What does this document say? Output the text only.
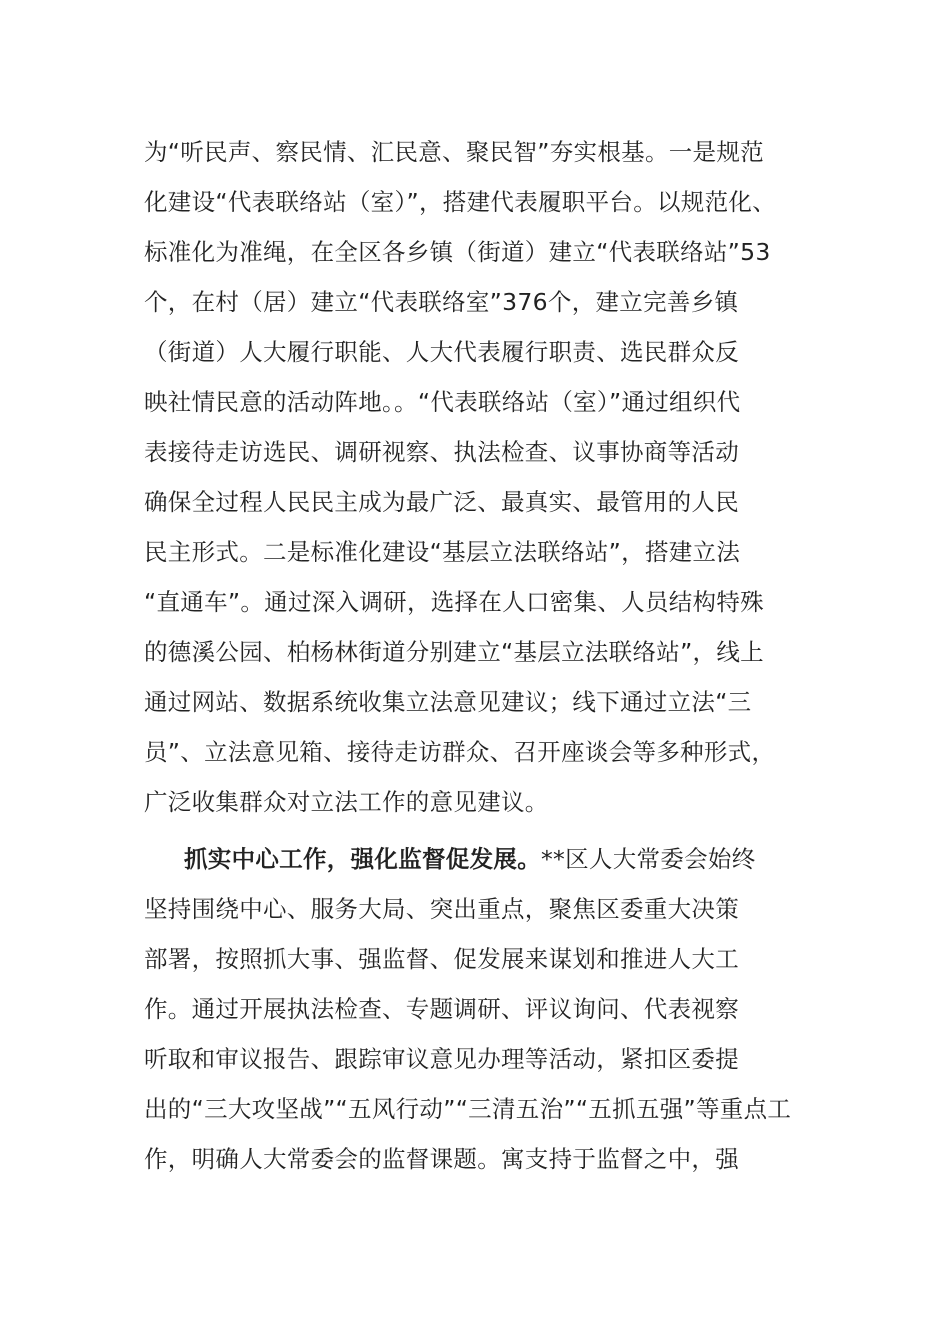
为“听民声、察民情、汇民意、聚民智”夯实根基。一是规范
化建设“代表联络站（室）”，搭建代表履职平台。以规范化、
标准化为准绳，在全区各乡镇（街道）建立“代表联络站”53
个，在村（居）建立“代表联络室”376个，建立完善乡镇
（街道）人大履行职能、人大代表履行职责、选民群众反
映社情民意的活动阵地。。“代表联络站（室）”通过组织代
表接待走访选民、调研视察、执法检查、议事协商等活动
确保全过程人民民主成为最广泛、最真实、最管用的人民
民主形式。二是标准化建设“基层立法联络站”，搭建立法
“直通车”。通过深入调研，选择在人口密集、人员结构特殊
的德溪公园、柏杨林街道分别建立“基层立法联络站”，线上
通过网站、数据系统收集立法意见建议；线下通过立法“三
员”、立法意见箱、接待走访群众、召开座谈会等多种形式，
广泛收集群众对立法工作的意见建议。
抓实中心工作，强化监督促发展。**区人大常委会始终
坚持围绕中心、服务大局、突出重点，聚焦区委重大决策
部署，按照抓大事、强监督、促发展来谋划和推进人大工
作。通过开展执法检查、专题调研、评议询问、代表视察
听取和审议报告、跟踪审议意见办理等活动，紧扣区委提
出的“三大攻坚战”“五风行动”“三清五治”“五抓五强”等重点工
作，明确人大常委会的监督课题。寓支持于监督之中，强
